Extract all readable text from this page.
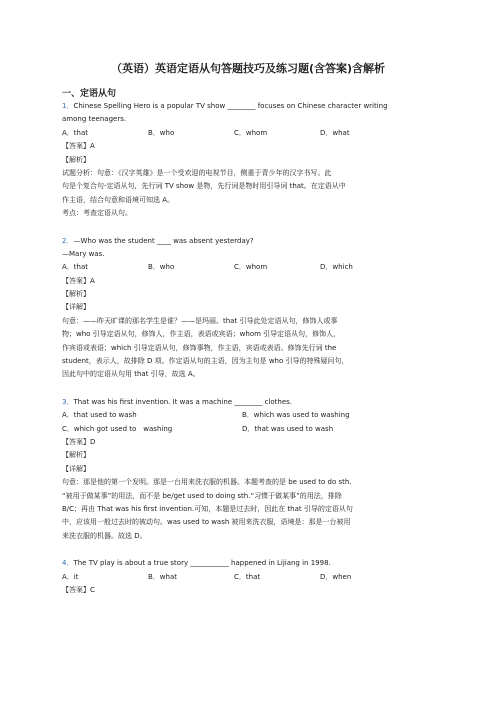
（英语）英语定语从句答题技巧及练习题(含答案)含解析
一、定语从句
1．Chinese Spelling Hero is a popular TV show ________ focuses on Chinese character writing
among teenagers.
A．that	B．who	C．whom	D．what
【答案】A
【解析】
试题分析：句意：《汉字英雄》是一个受欢迎的电视节目，侧重于青少年的汉字书写。此
句是个复合句-定语从句，先行词 TV show 是物，先行词是物时用引导词 that。在定语从中
作主语，结合句意和语境可知选 A。
考点：考查定语从句。
2．—Who was the student ____ was absent yesterday?
—Mary was.
A．that	B．who	C．whom	D．which
【答案】A
【解析】
【详解】
句意：——昨天旷课的那名学生是谁？——是玛丽。that 引导此处定语从句，修饰人或事
物；who 引导定语从句，修饰人，作主语，表语或宾语；whom 引导定语从句，修饰人，
作宾语或表语；which 引导定语从句，修饰事物，作主语，宾语或表语。修饰先行词 the
student，表示人，故排除 D 项。作定语从句的主语，因为主句是 who 引导的特殊疑问句，
因此句中的定语从句用 that 引导，故选 A。
3．That was his first invention. It was a machine ________ clothes.
A．that used to wash	B．which was used to washing
C．which got used to　washing	D．that was used to wash
【答案】D
【解析】
【详解】
句意：那是他的第一个发明。那是一台用来洗衣服的机器。本题考查的是 be used to do sth.
“被用于做某事”的用法，而不是 be/get used to doing sth.“习惯于做某事”的用法，排除
B/C；再由 That was his first invention.可知，本题是过去时，因此在 that 引导的定语从句
中，应该用一般过去时的被动句。was used to wash 被用来洗衣服，语境是：那是一台被用
来洗衣服的机器。故选 D。
4．The TV play is about a true story ___________ happened in Lijiang in 1998.
A．it	B．what	C．that	D．when
【答案】C
